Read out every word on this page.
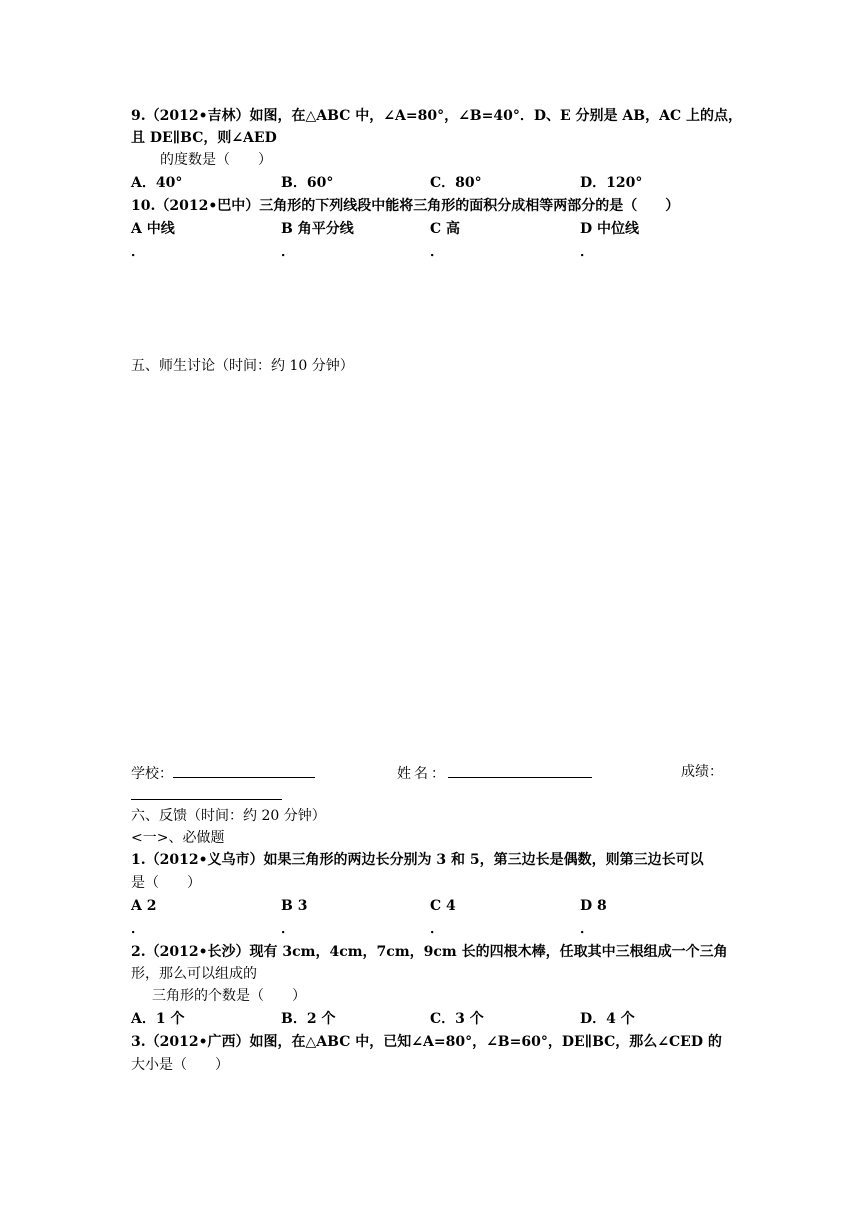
9.（2012•吉林）如图，在△ABC 中，∠A=80°，∠B=40°．D、E 分别是 AB，AC 上的点，
且 DE∥BC，则∠AED
的度数是（　　）
A．40°	B．60°	C．80°	D．120°
10.（2012•巴中）三角形的下列线段中能将三角形的面积分成相等两部分的是（　　）
A 中线	B 角平分线	C 高	D 中位线
．	．	．	．
五、师生讨论（时间：约 10 分钟）
学校：	姓名：	成绩：
六、反馈（时间：约 20 分钟）
<一>、必做题
1.（2012•义乌市）如果三角形的两边长分别为 3 和 5，第三边长是偶数，则第三边长可以
是（　　）
A 2	B 3	C 4	D 8
．	．	．	．
2.（2012•长沙）现有 3cm，4cm，7cm，9cm 长的四根木棒，任取其中三根组成一个三角
形，那么可以组成的
三角形的个数是（　　）
A．1 个	B．2 个	C．3 个	D．4 个
3.（2012•广西）如图，在△ABC 中，已知∠A=80°，∠B=60°，DE∥BC，那么∠CED 的
大小是（　　）
